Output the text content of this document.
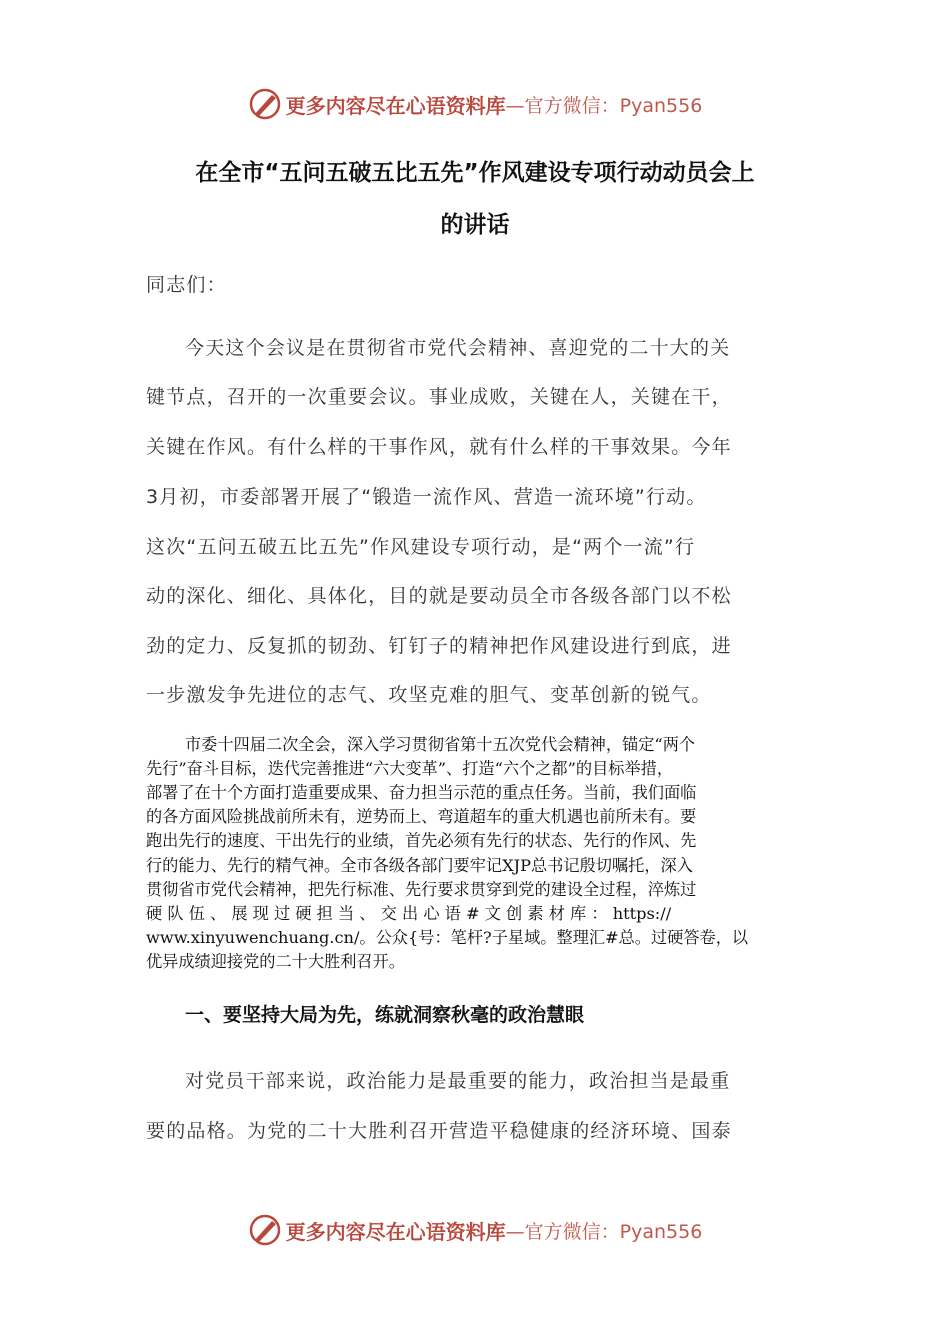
更多内容尽在心语资料库 —官方微信：Pyan556
在全市“五问五破五比五先”作风建设专项行动动员会上
的讲话
同志们：
今天这个会议是在贯彻省市党代会精神、喜迎党的二十大的关
键节点，召开的一次重要会议。事业成败，关键在人，关键在干，
关键在作风。有什么样的干事作风，就有什么样的干事效果。今年
3月初，市委部署开展了“锻造一流作风、营造一流环境”行动。
这次“五问五破五比五先”作风建设专项行动，是“两个一流”行
动的深化、细化、具体化，目的就是要动员全市各级各部门以不松
劲的定力、反复抓的韧劲、钉钉子的精神把作风建设进行到底，进
一步激发争先进位的志气、攻坚克难的胆气、变革创新的锐气。
市委十四届二次全会，深入学习贯彻省第十五次党代会精神，锚定“两个
先行”奋斗目标，迭代完善推进“六大变革”、打造“六个之都”的目标举措，
部署了在十个方面打造重要成果、奋力担当示范的重点任务。当前，我们面临
的各方面风险挑战前所未有，逆势而上、弯道超车的重大机遇也前所未有。要
跑出先行的速度、干出先行的业绩，首先必须有先行的状态、先行的作风、先
行的能力、先行的精气神。全市各级各部门要牢记XJP总书记殷切嘱托，深入
贯彻省市党代会精神，把先行标准、先行要求贯穿到党的建设全过程，淬炼过
硬 队 伍 、 展 现 过 硬 担 当 、 交 出 心 语 # 文 创 素 材 库 ： https://
www.xinyuwenchuang.cn/。公众{号：笔杆?子星域。整理汇#总。过硬答卷，以
优异成绩迎接党的二十大胜利召开。
一、要坚持大局为先，练就洞察秋毫的政治慧眼
对党员干部来说，政治能力是最重要的能力，政治担当是最重
要的品格。为党的二十大胜利召开营造平稳健康的经济环境、国泰
更多内容尽在心语资料库 —官方微信：Pyan556
